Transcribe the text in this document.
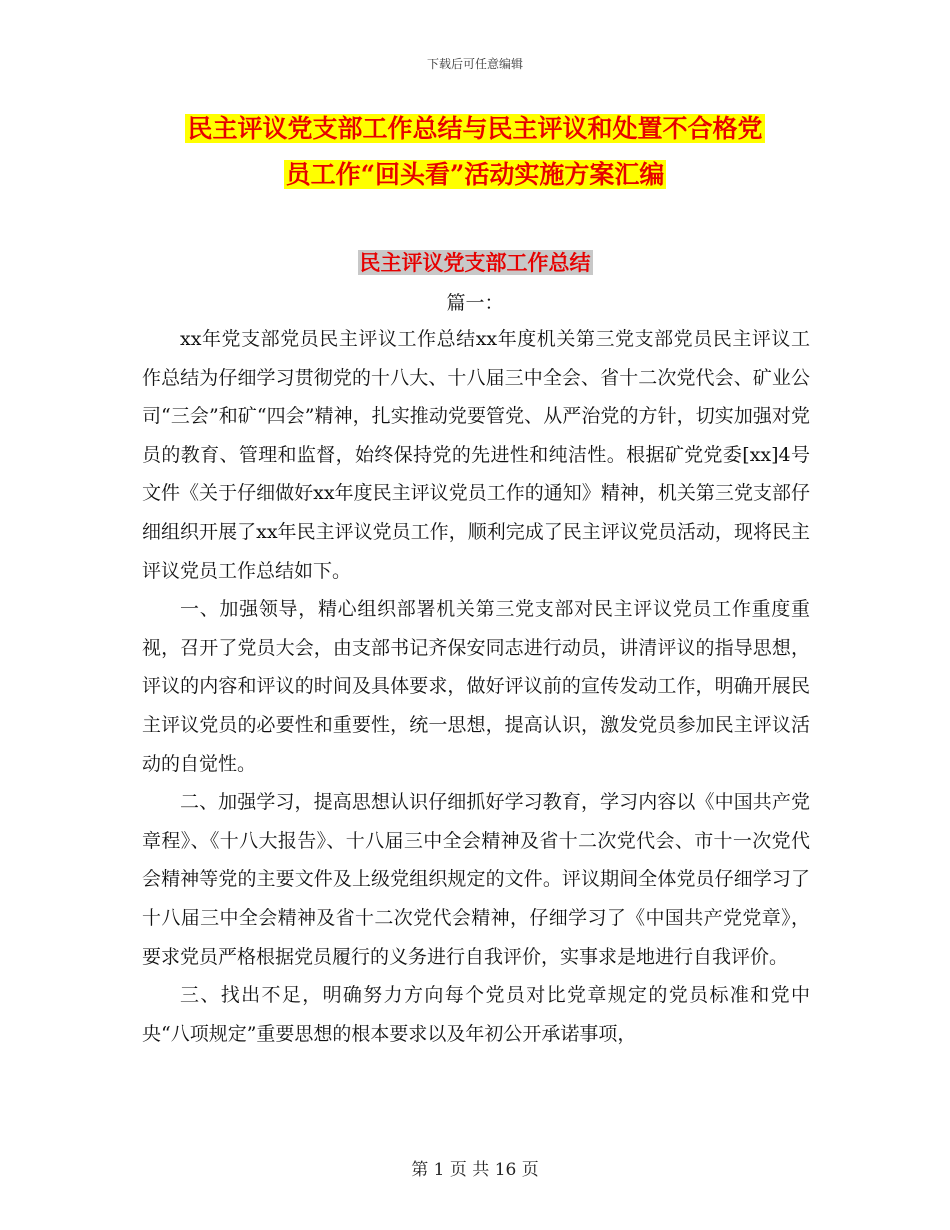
下载后可任意编辑
民主评议党支部工作总结与民主评议和处置不合格党
员工作“回头看”活动实施方案汇编
民主评议党支部工作总结
篇一：

xx年党支部党员民主评议工作总结xx年度机关第三党支部党员民主评议工作总结为仔细学习贯彻党的十八大、十八届三中全会、省十二次党代会、矿业公司“三会”和矿“四会”精神，扎实推动党要管党、从严治党的方针，切实加强对党员的教育、管理和监督，始终保持党的先进性和纯洁性。根据矿党党委[xx]4号文件《关于仔细做好xx年度民主评议党员工作的通知》精神，机关第三党支部仔细组织开展了xx年民主评议党员工作，顺利完成了民主评议党员活动，现将民主评议党员工作总结如下。

一、加强领导，精心组织部署机关第三党支部对民主评议党员工作重度重视，召开了党员大会，由支部书记齐保安同志进行动员，讲清评议的指导思想，评议的内容和评议的时间及具体要求，做好评议前的宣传发动工作，明确开展民主评议党员的必要性和重要性，统一思想，提高认识，激发党员参加民主评议活动的自觉性。

二、加强学习，提高思想认识仔细抓好学习教育，学习内容以《中国共产党章程》、《十八大报告》、十八届三中全会精神及省十二次党代会、市十一次党代会精神等党的主要文件及上级党组织规定的文件。评议期间全体党员仔细学习了十八届三中全会精神及省十二次党代会精神，仔细学习了《中国共产党党章》，要求党员严格根据党员履行的义务进行自我评价，实事求是地进行自我评价。

三、找出不足，明确努力方向每个党员对比党章规定的党员标准和党中央“八项规定”重要思想的根本要求以及年初公开承诺事项，

第 1 页 共 16 页
